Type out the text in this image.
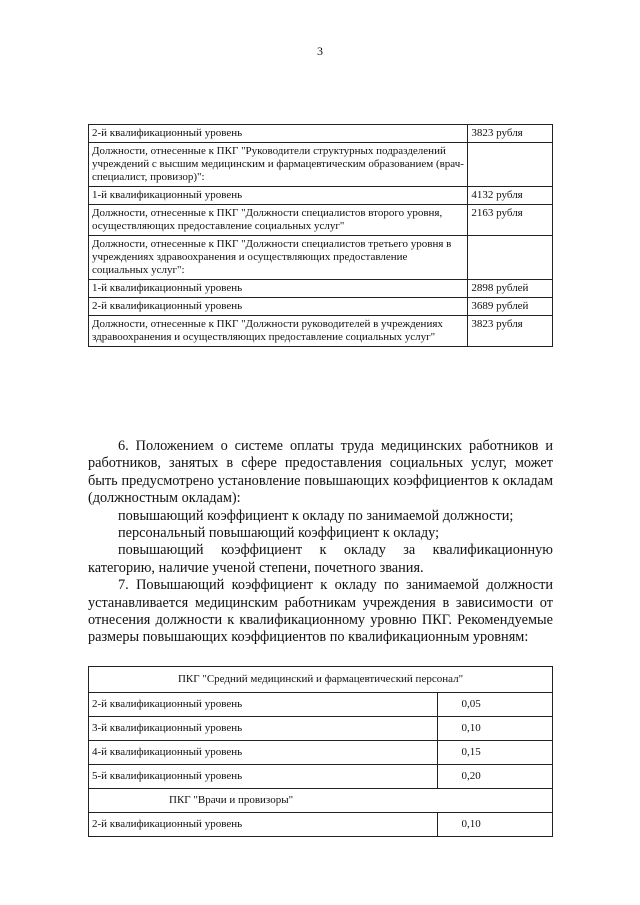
3
2-й квалификационный уровень	3823 рубля
Должности, отнесенные к ПКГ "Руководители структурных подразделений учреждений с высшим медицинским и фармацевтическим образованием (врач-специалист, провизор)":	
1-й квалификационный уровень	4132 рубля
Должности, отнесенные к ПКГ "Должности специалистов второго уровня, осуществляющих предоставление социальных услуг"	2163 рубля
Должности, отнесенные к ПКГ "Должности специалистов третьего уровня в учреждениях здравоохранения и осуществляющих предоставление социальных услуг":	
1-й квалификационный уровень	2898 рублей
2-й квалификационный уровень	3689 рублей
Должности, отнесенные к ПКГ "Должности руководителей в учреждениях здравоохранения и осуществляющих предоставление социальных услуг"	3823 рубля

6. Положением о системе оплаты труда медицинских работников и работников, занятых в сфере предоставления социальных услуг, может быть предусмотрено установление повышающих коэффициентов к окладам (должностным окладам):

повышающий коэффициент к окладу по занимаемой должности;

персональный повышающий коэффициент к окладу;

повышающий коэффициент к окладу за квалификационную категорию, наличие ученой степени, почетного звания.

7. Повышающий коэффициент к окладу по занимаемой должности устанавливается медицинским работникам учреждения в зависимости от отнесения должности к квалификационному уровню ПКГ. Рекомендуемые размеры повышающих коэффициентов по квалификационным уровням:

ПКГ "Средний медицинский и фармацевтический персонал"	
2-й квалификационный уровень	0,05
3-й квалификационный уровень	0,10
4-й квалификационный уровень	0,15
5-й квалификационный уровень	0,20
ПКГ "Врачи и провизоры"	
2-й квалификационный уровень	0,10
